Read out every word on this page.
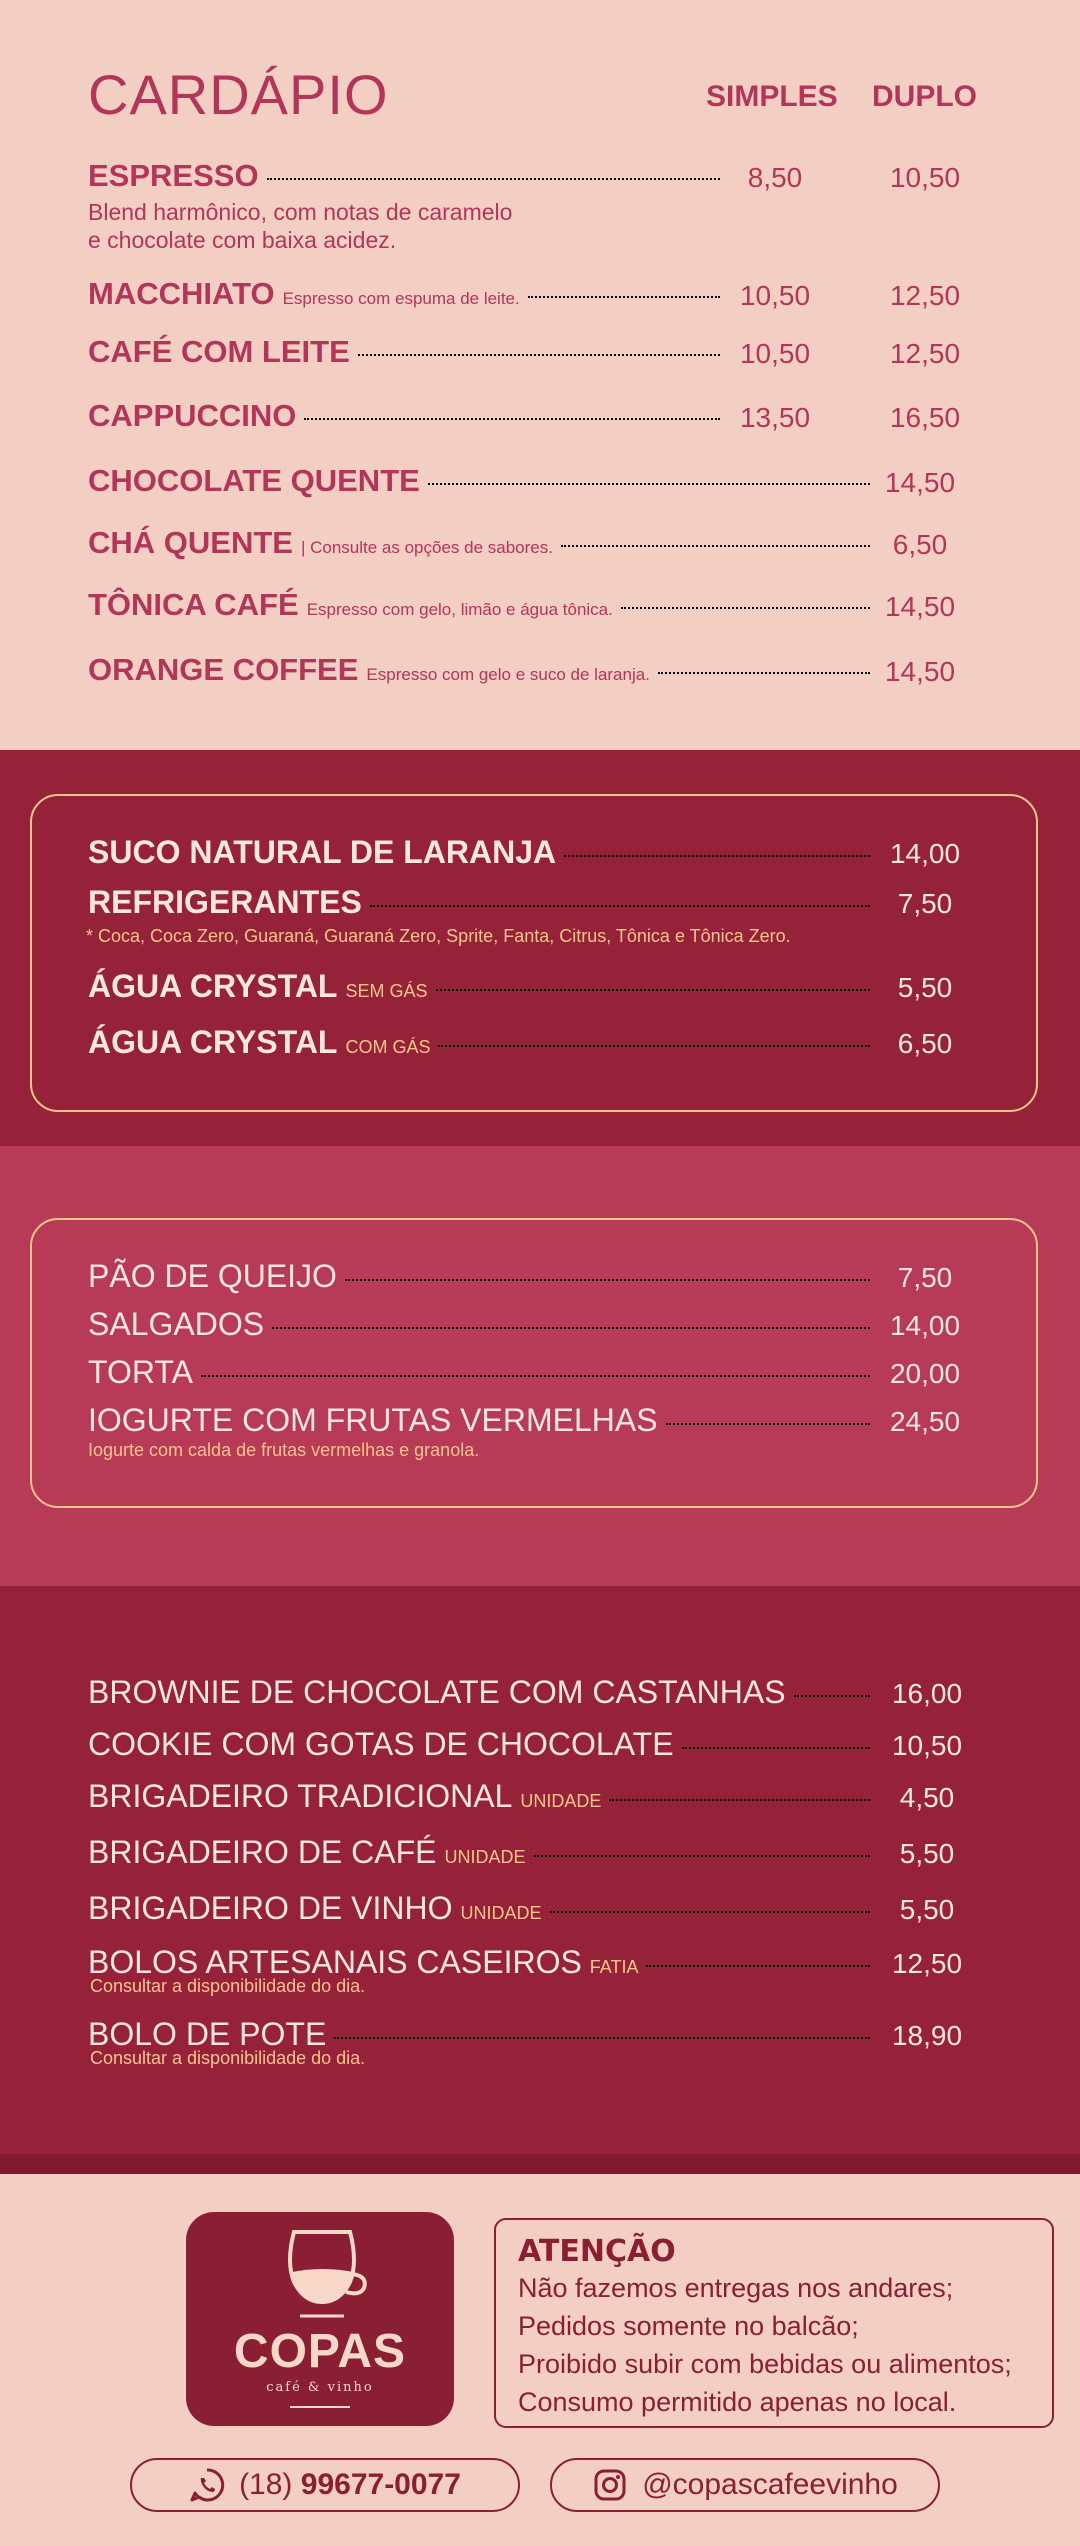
CARDÁPIO	SIMPLES DUPLO
ESPRESSO	8,50	10,50
Blend harmônico, com notas de caramelo
e chocolate com baixa acidez.
MACCHIATO Espresso com espuma de leite.	10,50	12,50
CAFÉ COM LEITE	10,50	12,50
CAPPUCCINO	13,50	16,50
CHOCOLATE QUENTE	14,50
CHÁ QUENTE | Consulte as opções de sabores.	6,50
TÔNICA CAFÉ Espresso com gelo, limão e água tônica.	14,50
ORANGE COFFEE Espresso com gelo e suco de laranja.	14,50
SUCO NATURAL DE LARANJA	14,00
REFRIGERANTES	7,50
* Coca, Coca Zero, Guaraná, Guaraná Zero, Sprite, Fanta, Citrus, Tônica e Tônica Zero.
ÁGUA CRYSTAL SEM GÁS	5,50
ÁGUA CRYSTAL COM GÁS	6,50
PÃO DE QUEIJO	7,50
SALGADOS	14,00
TORTA	20,00
IOGURTE COM FRUTAS VERMELHAS	24,50
Iogurte com calda de frutas vermelhas e granola.
BROWNIE DE CHOCOLATE COM CASTANHAS	16,00
COOKIE COM GOTAS DE CHOCOLATE	10,50
BRIGADEIRO TRADICIONAL UNIDADE	4,50
BRIGADEIRO DE CAFÉ UNIDADE	5,50
BRIGADEIRO DE VINHO UNIDADE	5,50
BOLOS ARTESANAIS CASEIROS FATIA	12,50
Consultar a disponibilidade do dia.
BOLO DE POTE	18,90
Consultar a disponibilidade do dia.
COPAS
café & vinho
ATENÇÃO
Não fazemos entregas nos andares;
Pedidos somente no balcão;
Proibido subir com bebidas ou alimentos;
Consumo permitido apenas no local.
(18) 99677-0077	@copascafeevinho
